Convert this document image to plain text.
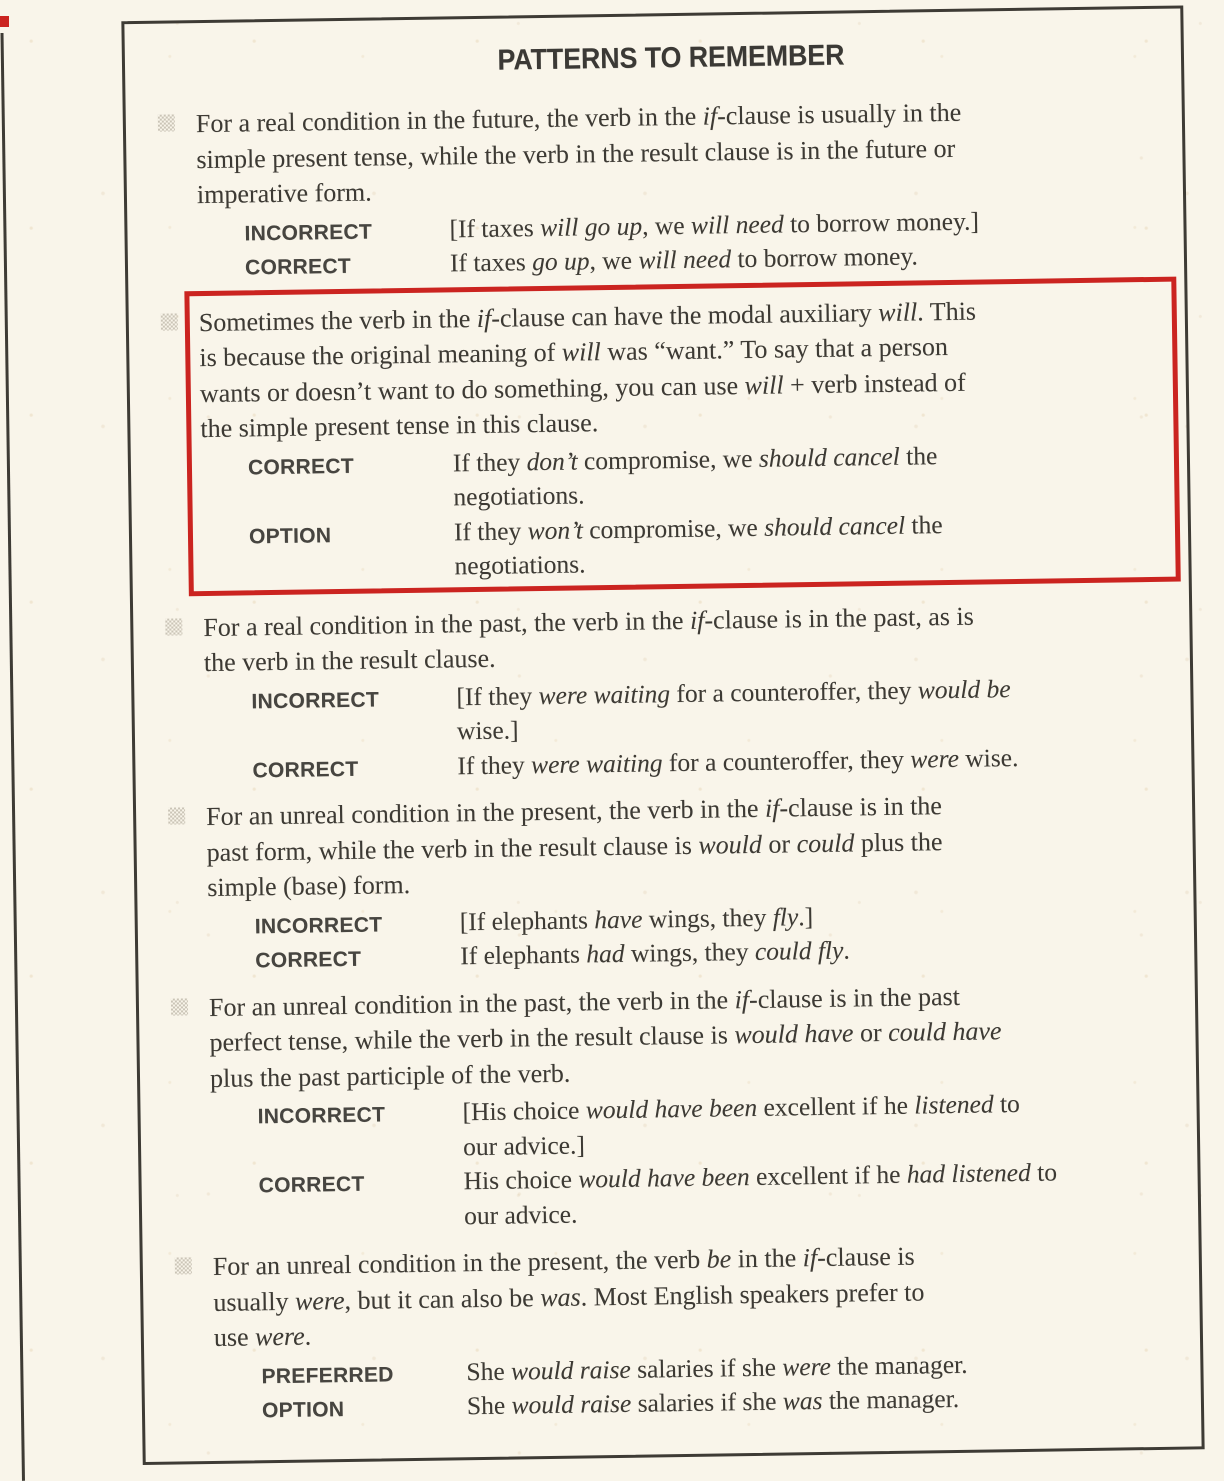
PATTERNS TO REMEMBER

For a real condition in the future, the verb in the if-clause is usually in the
simple present tense, while the verb in the result clause is in the future or
imperative form.

INCORRECT	[If taxes will go up, we will need to borrow money.]
CORRECT	If taxes go up, we will need to borrow money.

Sometimes the verb in the if-clause can have the modal auxiliary will. This
is because the original meaning of will was “want.” To say that a person
wants or doesn’t want to do something, you can use will + verb instead of
the simple present tense in this clause.

CORRECT	If they don’t compromise, we should cancel the
negotiations.
OPTION	If they won’t compromise, we should cancel the
negotiations.

For a real condition in the past, the verb in the if-clause is in the past, as is
the verb in the result clause.

INCORRECT	[If they were waiting for a counteroffer, they would be
wise.]
CORRECT	If they were waiting for a counteroffer, they were wise.

For an unreal condition in the present, the verb in the if-clause is in the
past form, while the verb in the result clause is would or could plus the
simple (base) form.

INCORRECT	[If elephants have wings, they fly.]
CORRECT	If elephants had wings, they could fly.

For an unreal condition in the past, the verb in the if-clause is in the past
perfect tense, while the verb in the result clause is would have or could have
plus the past participle of the verb.

INCORRECT	[His choice would have been excellent if he listened to
our advice.]
CORRECT	His choice would have been excellent if he had listened to
our advice.

For an unreal condition in the present, the verb be in the if-clause is
usually were, but it can also be was. Most English speakers prefer to
use were.

PREFERRED	She would raise salaries if she were the manager.
OPTION	She would raise salaries if she was the manager.
